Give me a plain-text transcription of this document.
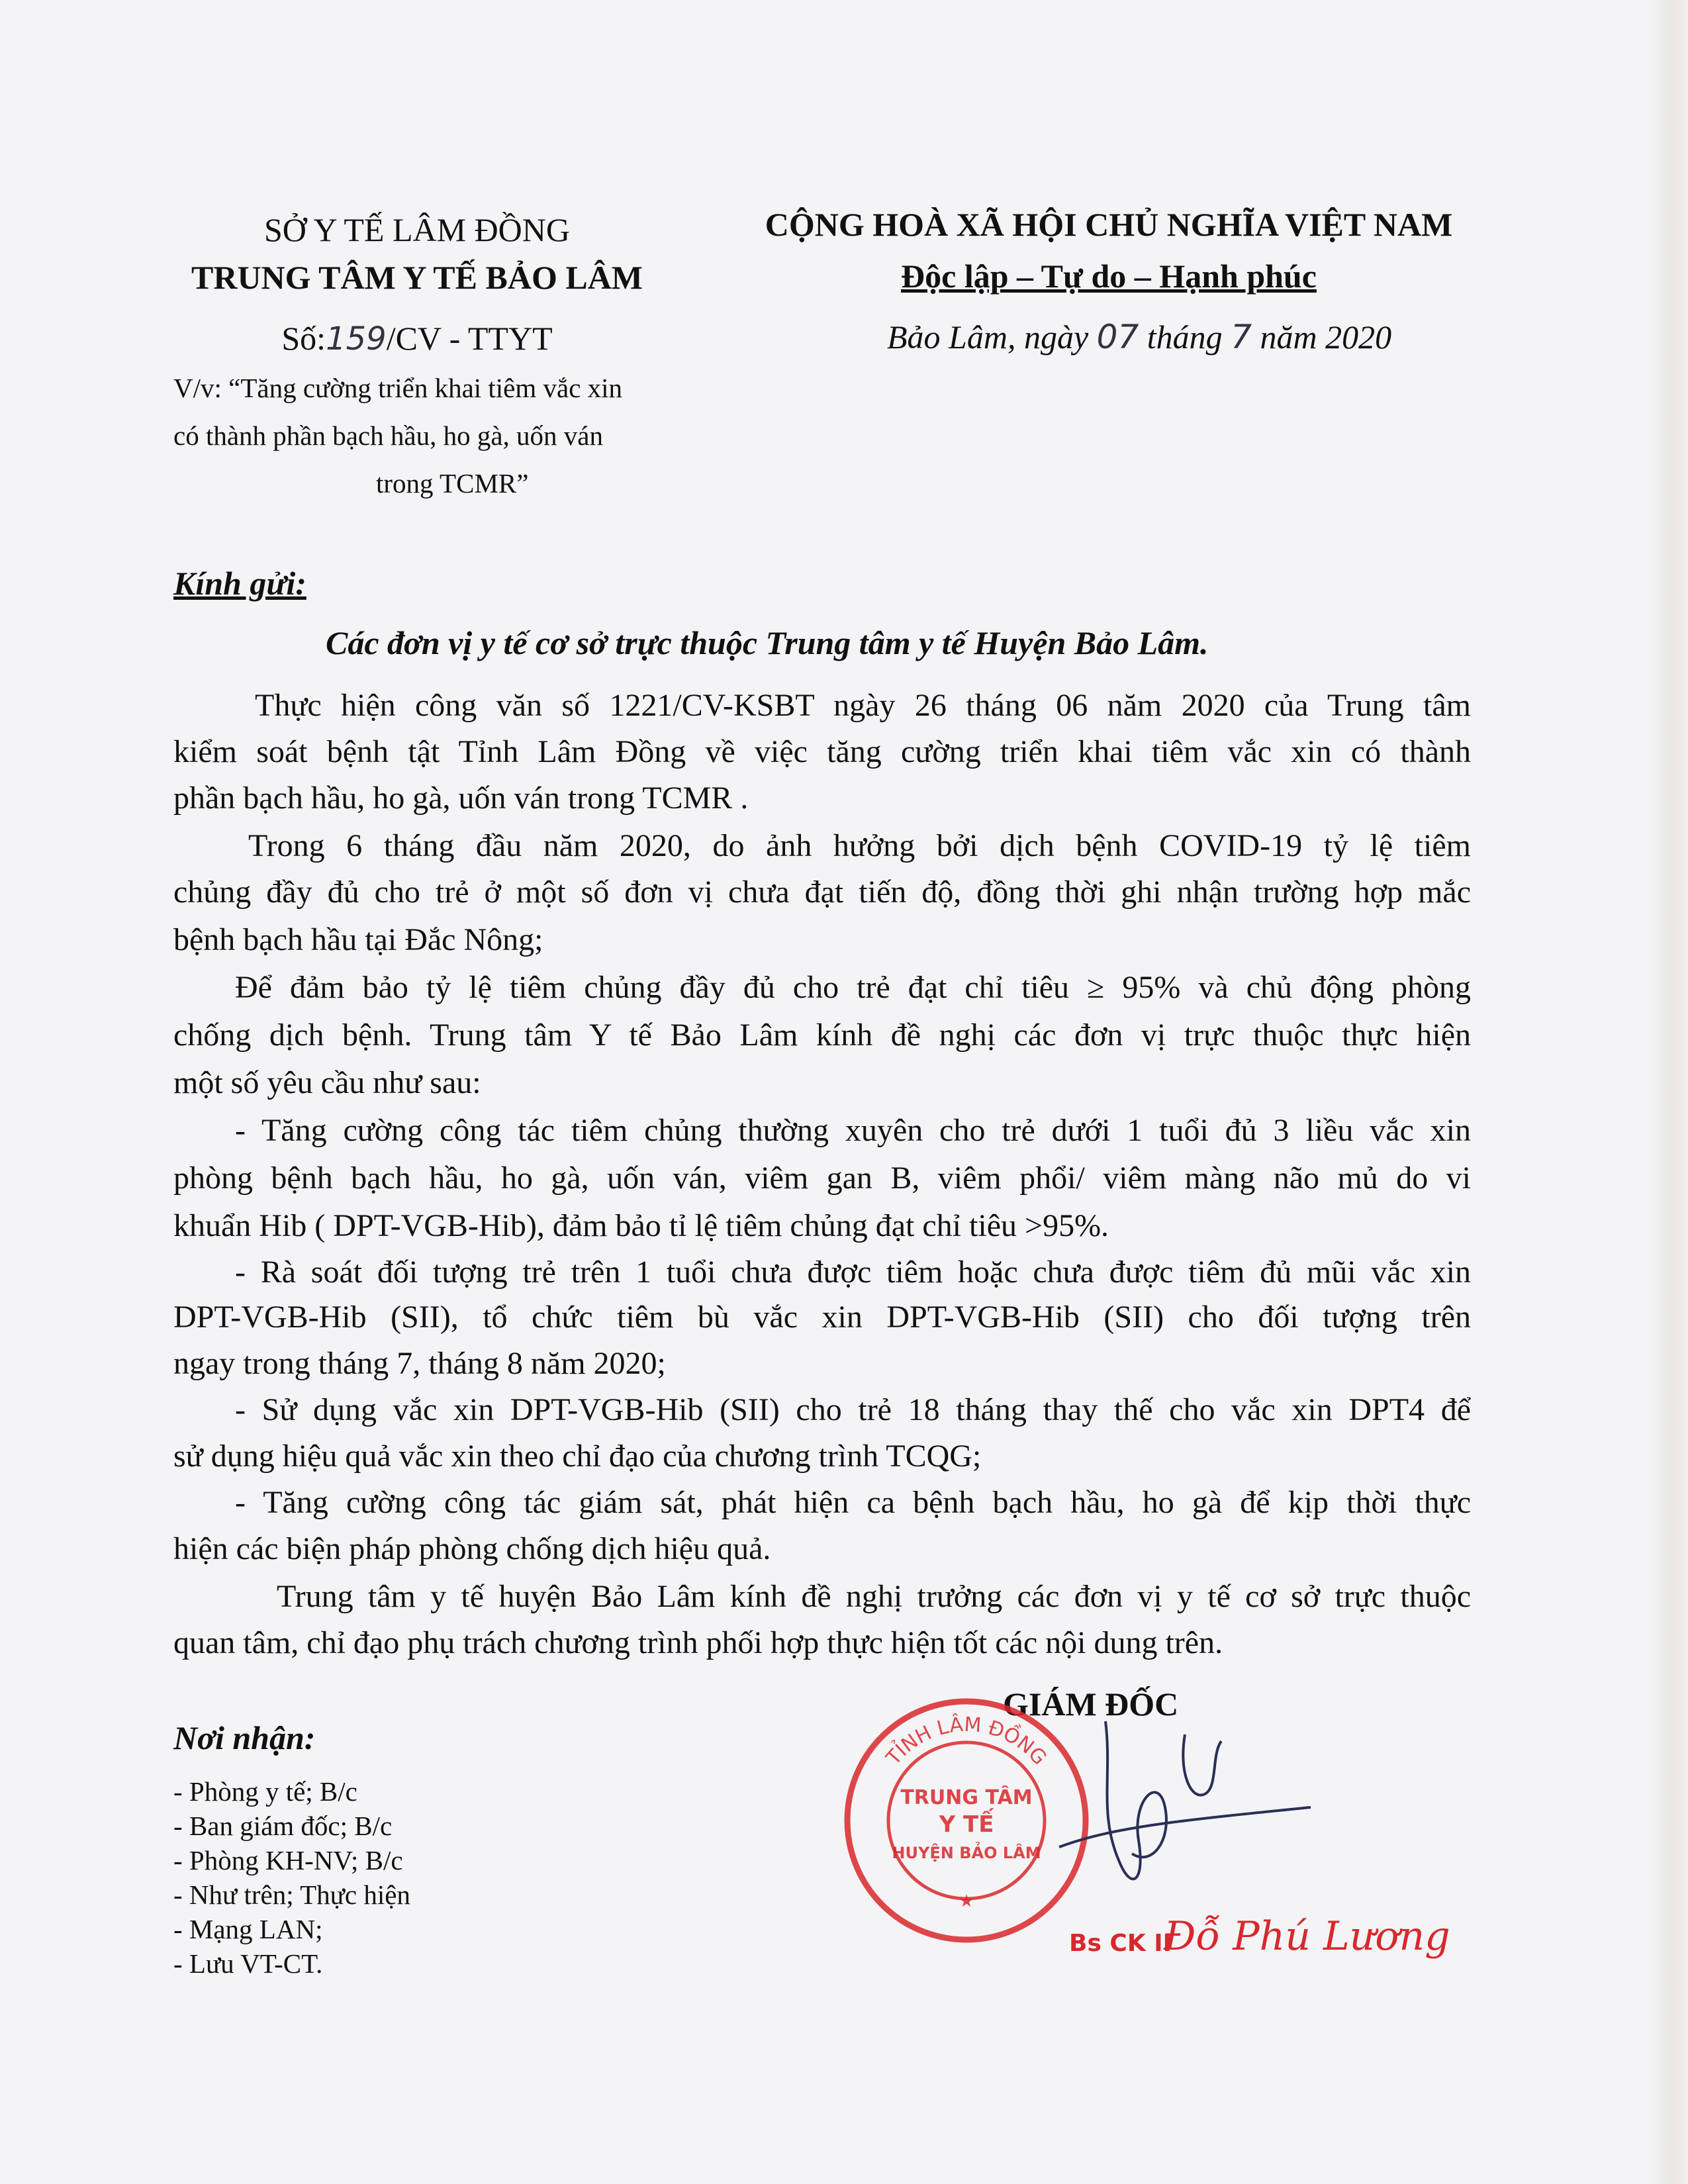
SỞ Y TẾ LÂM ĐỒNG
TRUNG TÂM Y TẾ BẢO LÂM
Số:159/CV - TTYT
V/v: “Tăng cường triển khai tiêm vắc xin
có thành phần bạch hầu, ho gà, uốn ván
trong TCMR”
CỘNG HOÀ XÃ HỘI CHỦ NGHĨA VIỆT NAM
Độc lập – Tự do – Hạnh phúc
Bảo Lâm, ngày 07 tháng 7 năm 2020
Kính gửi:
Các đơn vị y tế cơ sở trực thuộc Trung tâm y tế Huyện Bảo Lâm.
Thực hiện công văn số 1221/CV-KSBT ngày 26 tháng 06 năm 2020 của Trung tâm
kiểm soát bệnh tật Tỉnh Lâm Đồng về việc tăng cường triển khai tiêm vắc xin có thành
phần bạch hầu, ho gà, uốn ván trong TCMR .
Trong 6 tháng đầu năm 2020, do ảnh hưởng bởi dịch bệnh COVID-19 tỷ lệ tiêm
chủng đầy đủ cho trẻ ở một số đơn vị chưa đạt tiến độ, đồng thời ghi nhận trường hợp mắc
bệnh bạch hầu tại Đắc Nông;
Để đảm bảo tỷ lệ tiêm chủng đầy đủ cho trẻ đạt chỉ tiêu ≥ 95% và chủ động phòng
chống dịch bệnh. Trung tâm Y tế Bảo Lâm kính đề nghị các đơn vị trực thuộc thực hiện
một số yêu cầu như sau:
- Tăng cường công tác tiêm chủng thường xuyên cho trẻ dưới 1 tuổi đủ 3 liều vắc xin
phòng bệnh bạch hầu, ho gà, uốn ván, viêm gan B, viêm phổi/ viêm màng não mủ do vi
khuẩn Hib ( DPT-VGB-Hib), đảm bảo tỉ lệ tiêm chủng đạt chỉ tiêu >95%.
- Rà soát đối tượng trẻ trên 1 tuổi chưa được tiêm hoặc chưa được tiêm đủ mũi vắc xin
DPT-VGB-Hib (SII), tổ chức tiêm bù vắc xin DPT-VGB-Hib (SII) cho đối tượng trên
ngay trong tháng 7, tháng 8 năm 2020;
- Sử dụng vắc xin DPT-VGB-Hib (SII) cho trẻ 18 tháng thay thế cho vắc xin DPT4 để
sử dụng hiệu quả vắc xin theo chỉ đạo của chương trình TCQG;
- Tăng cường công tác giám sát, phát hiện ca bệnh bạch hầu, ho gà để kịp thời thực
hiện các biện pháp phòng chống dịch hiệu quả.
Trung tâm y tế huyện Bảo Lâm kính đề nghị trưởng các đơn vị y tế cơ sở trực thuộc
quan tâm, chỉ đạo phụ trách chương trình phối hợp thực hiện tốt các nội dung trên.
Nơi nhận:
- Phòng y tế; B/c
- Ban giám đốc; B/c
- Phòng KH-NV; B/c
- Như trên; Thực hiện
- Mạng LAN;
- Lưu VT-CT.
GIÁM ĐỐC
TỈNH LÂM ĐỒNG
TRUNG TÂM
Y TẾ
HUYỆN BẢO LÂM
★
Bs CK II
Đỗ Phú Lương
